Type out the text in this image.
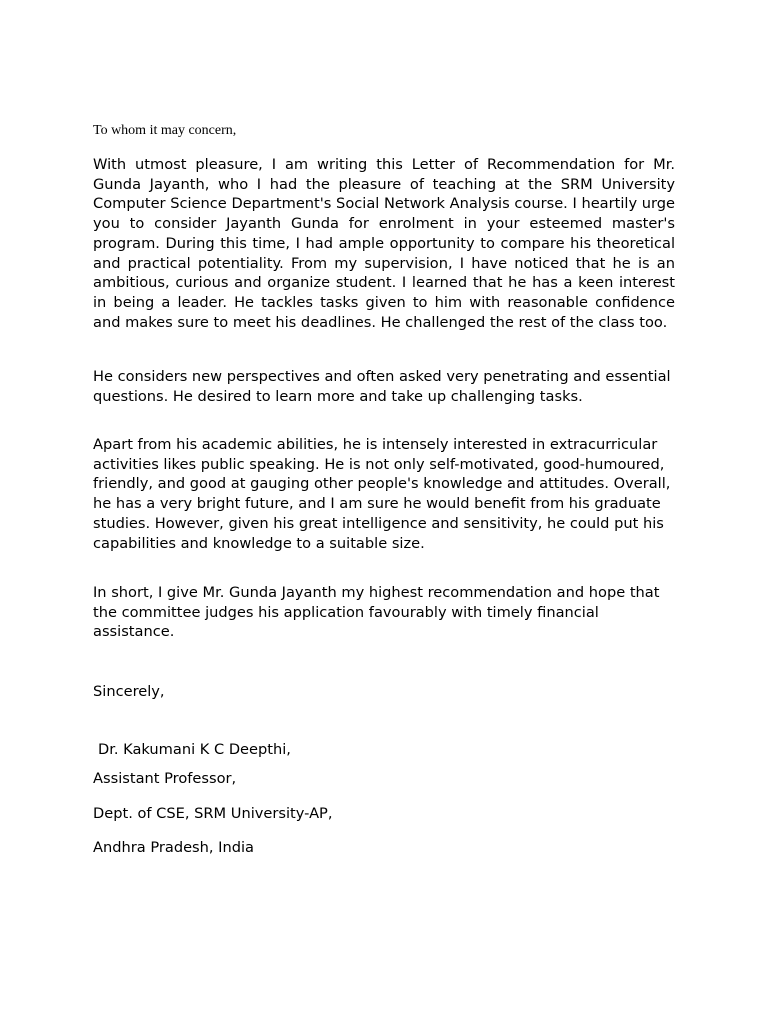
To whom it may concern,

With utmost pleasure, I am writing this Letter of Recommendation for Mr. Gunda Jayanth, who I had the pleasure of teaching at the SRM University Computer Science Department's Social Network Analysis course. I heartily urge you to consider Jayanth Gunda for enrolment in your esteemed master's program. During this time, I had ample opportunity to compare his theoretical and practical potentiality. From my supervision, I have noticed that he is an ambitious, curious and organize student. I learned that he has a keen interest in being a leader. He tackles tasks given to him with reasonable confidence and makes sure to meet his deadlines. He challenged the rest of the class too.

He considers new perspectives and often asked very penetrating and essential questions. He desired to learn more and take up challenging tasks.

Apart from his academic abilities, he is intensely interested in extracurricular activities likes public speaking. He is not only self-motivated, good-humoured, friendly, and good at gauging other people's knowledge and attitudes. Overall, he has a very bright future, and I am sure he would benefit from his graduate studies. However, given his great intelligence and sensitivity, he could put his capabilities and knowledge to a suitable size.

In short, I give Mr. Gunda Jayanth my highest recommendation and hope that the committee judges his application favourably with timely financial assistance.

Sincerely,

Dr. Kakumani K C Deepthi,

Assistant Professor,

Dept. of CSE, SRM University-AP,

Andhra Pradesh, India
